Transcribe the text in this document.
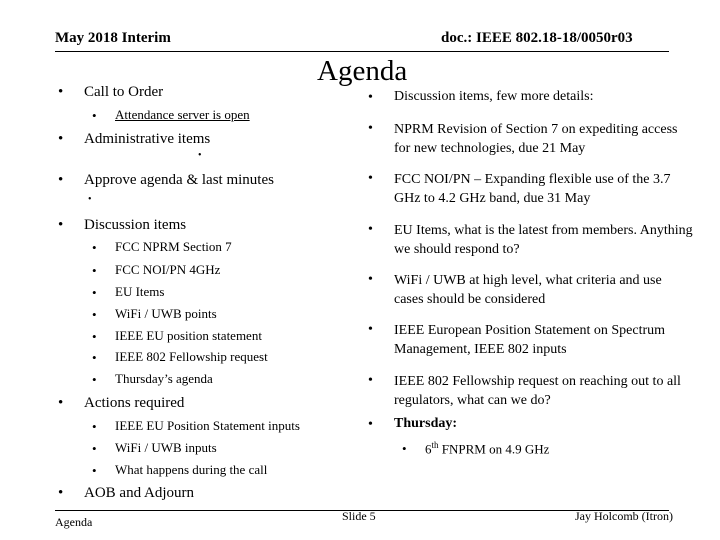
May 2018 Interim	doc.: IEEE 802.18-18/0050r03
Agenda
• Call to Order
• Attendance server is open
• Administrative items
•
• Approve agenda & last minutes
•
• Discussion items
• FCC NPRM Section 7
• FCC NOI/PN 4GHz
• EU Items
• WiFi / UWB points
• IEEE EU position statement
• IEEE 802 Fellowship request
• Thursday’s agenda
• Actions required
• IEEE EU Position Statement inputs
• WiFi / UWB inputs
• What happens during the call
• AOB and Adjourn
• Discussion items, few more details:
• NPRM Revision of Section 7 on expediting access for new technologies, due 21 May
• FCC NOI/PN – Expanding flexible use of the 3.7 GHz to 4.2 GHz band, due 31 May
• EU Items, what is the latest from members. Anything we should respond to?
• WiFi / UWB at high level, what criteria and use cases should be considered
• IEEE European Position Statement on Spectrum Management, IEEE 802 inputs
• IEEE 802 Fellowship request on reaching out to all regulators, what can we do?
• Thursday:
• 6th FNPRM on 4.9 GHz
Agenda	Slide 5	Jay Holcomb (Itron)
